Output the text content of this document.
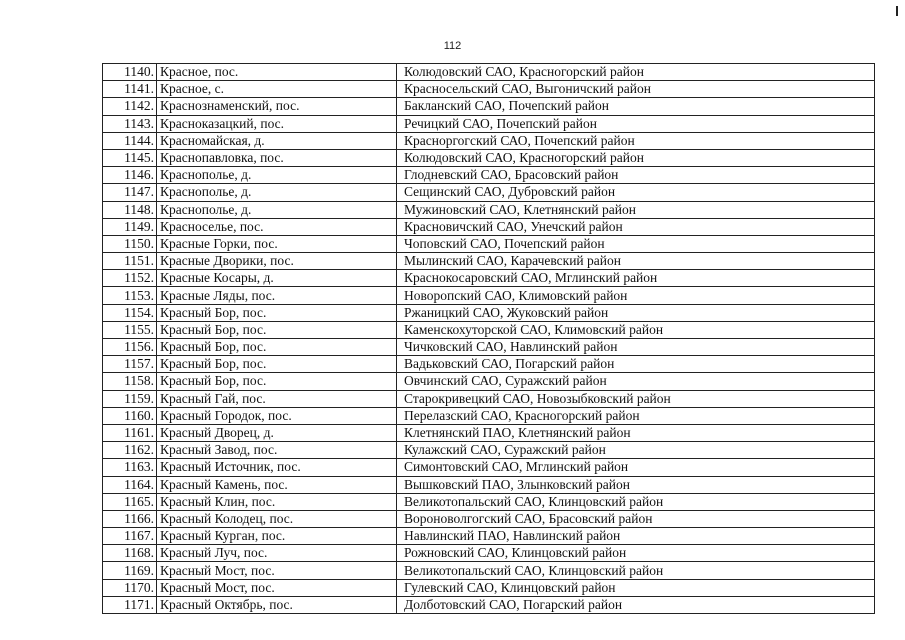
112
1140.	Красное, пос.	Колюдовский САО, Красногорский район
1141.	Красное, с.	Красносельский САО, Выгоничский район
1142.	Краснознаменский, пос.	Бакланский САО, Почепский район
1143.	Красноказацкий, пос.	Речицкий САО, Почепский район
1144.	Красномайская, д.	Красноргогский САО, Почепский район
1145.	Краснопавловка, пос.	Колюдовский САО, Красногорский район
1146.	Краснополье, д.	Глодневский САО, Брасовский район
1147.	Краснополье, д.	Сещинский САО, Дубровский район
1148.	Краснополье, д.	Мужиновский САО, Клетнянский район
1149.	Красноселье, пос.	Красновичский САО, Унечский район
1150.	Красные Горки, пос.	Чоповский САО, Почепский район
1151.	Красные Дворики, пос.	Мылинский САО, Карачевский район
1152.	Красные Косары, д.	Краснокосаровский САО, Мглинский район
1153.	Красные Ляды, пос.	Новоропский САО, Климовский район
1154.	Красный Бор, пос.	Ржаницкий САО, Жуковский район
1155.	Красный Бор, пос.	Каменскохуторской САО, Климовский район
1156.	Красный Бор, пос.	Чичковский САО, Навлинский район
1157.	Красный Бор, пос.	Вадьковский САО, Погарский район
1158.	Красный Бор, пос.	Овчинский САО, Суражский район
1159.	Красный Гай, пос.	Старокривецкий САО, Новозыбковский район
1160.	Красный Городок, пос.	Перелазский САО, Красногорский район
1161.	Красный Дворец, д.	Клетнянский ПАО, Клетнянский район
1162.	Красный Завод, пос.	Кулажский САО, Суражский район
1163.	Красный Источник, пос.	Симонтовский САО, Мглинский район
1164.	Красный Камень, пос.	Вышковский ПАО, Злынковский район
1165.	Красный Клин, пос.	Великотопальский САО, Клинцовский район
1166.	Красный Колодец, пос.	Вороноволгогский САО, Брасовский район
1167.	Красный Курган, пос.	Навлинский ПАО, Навлинский район
1168.	Красный Луч, пос.	Рожновский САО, Клинцовский район
1169.	Красный Мост, пос.	Великотопальский САО, Клинцовский район
1170.	Красный Мост, пос.	Гулевский САО, Клинцовский район
1171.	Красный Октябрь, пос.	Долботовский САО, Погарский район
